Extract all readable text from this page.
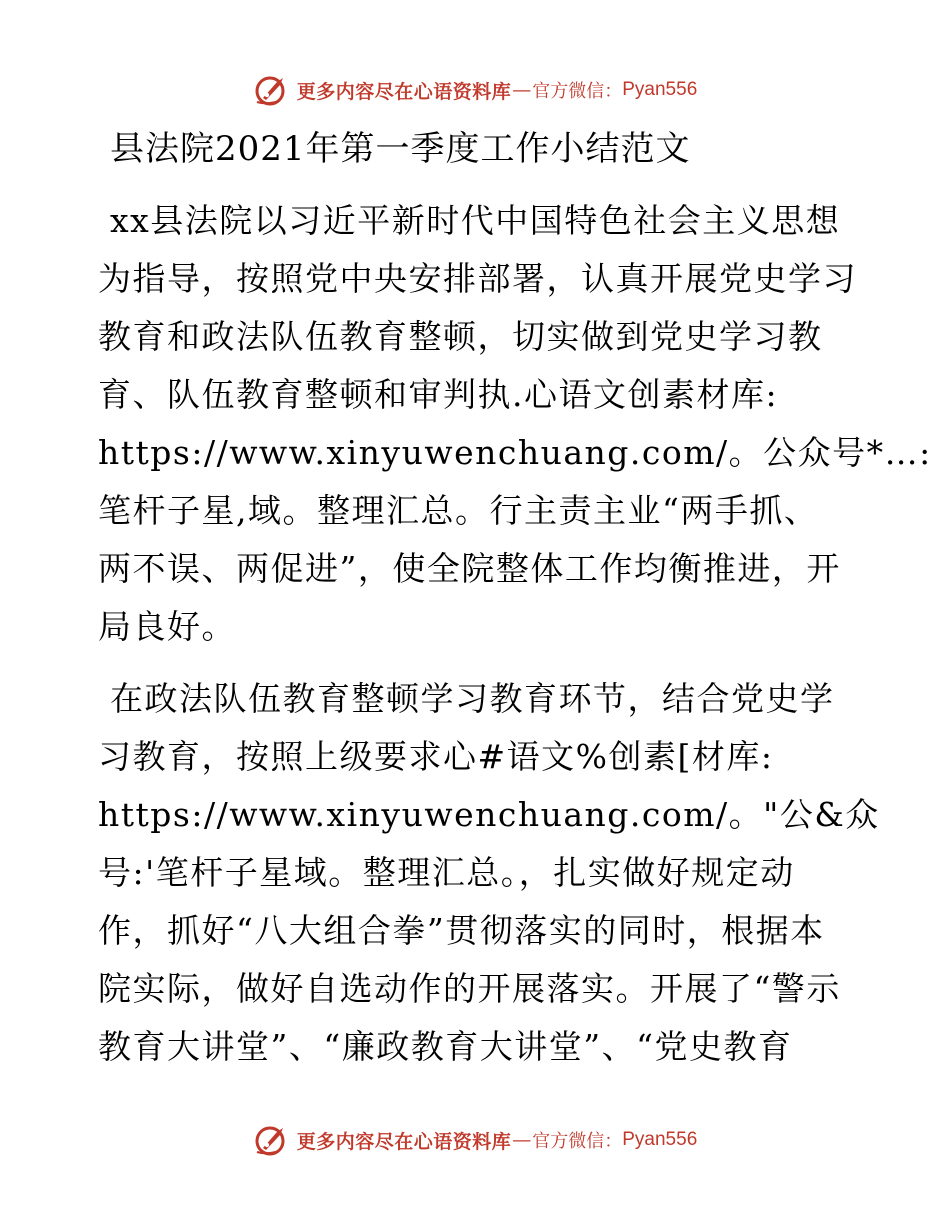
更多内容尽在心语资料库 — 官方微信： Pyan556
县法院2021年第一季度工作小结范文
xx县法院以习近平新时代中国特色社会主义思想
为指导，按照党中央安排部署，认真开展党史学习
教育和政法队伍教育整顿，切实做到党史学习教
育、队伍教育整顿和审判执.心语文创素材库:
https://www.xinyuwenchuang.com/。公众号*…:
笔杆子星,域。整理汇总。行主责主业“两手抓、
两不误、两促进”，使全院整体工作均衡推进，开
局良好。
在政法队伍教育整顿学习教育环节，结合党史学
习教育，按照上级要求心#语文%创素[材库:
https://www.xinyuwenchuang.com/。"公&众
号:'笔杆子星域。整理汇总。，扎实做好规定动
作，抓好“八大组合拳”贯彻落实的同时，根据本
院实际，做好自选动作的开展落实。开展了“警示
教育大讲堂”、“廉政教育大讲堂”、“党史教育
更多内容尽在心语资料库 — 官方微信： Pyan556
